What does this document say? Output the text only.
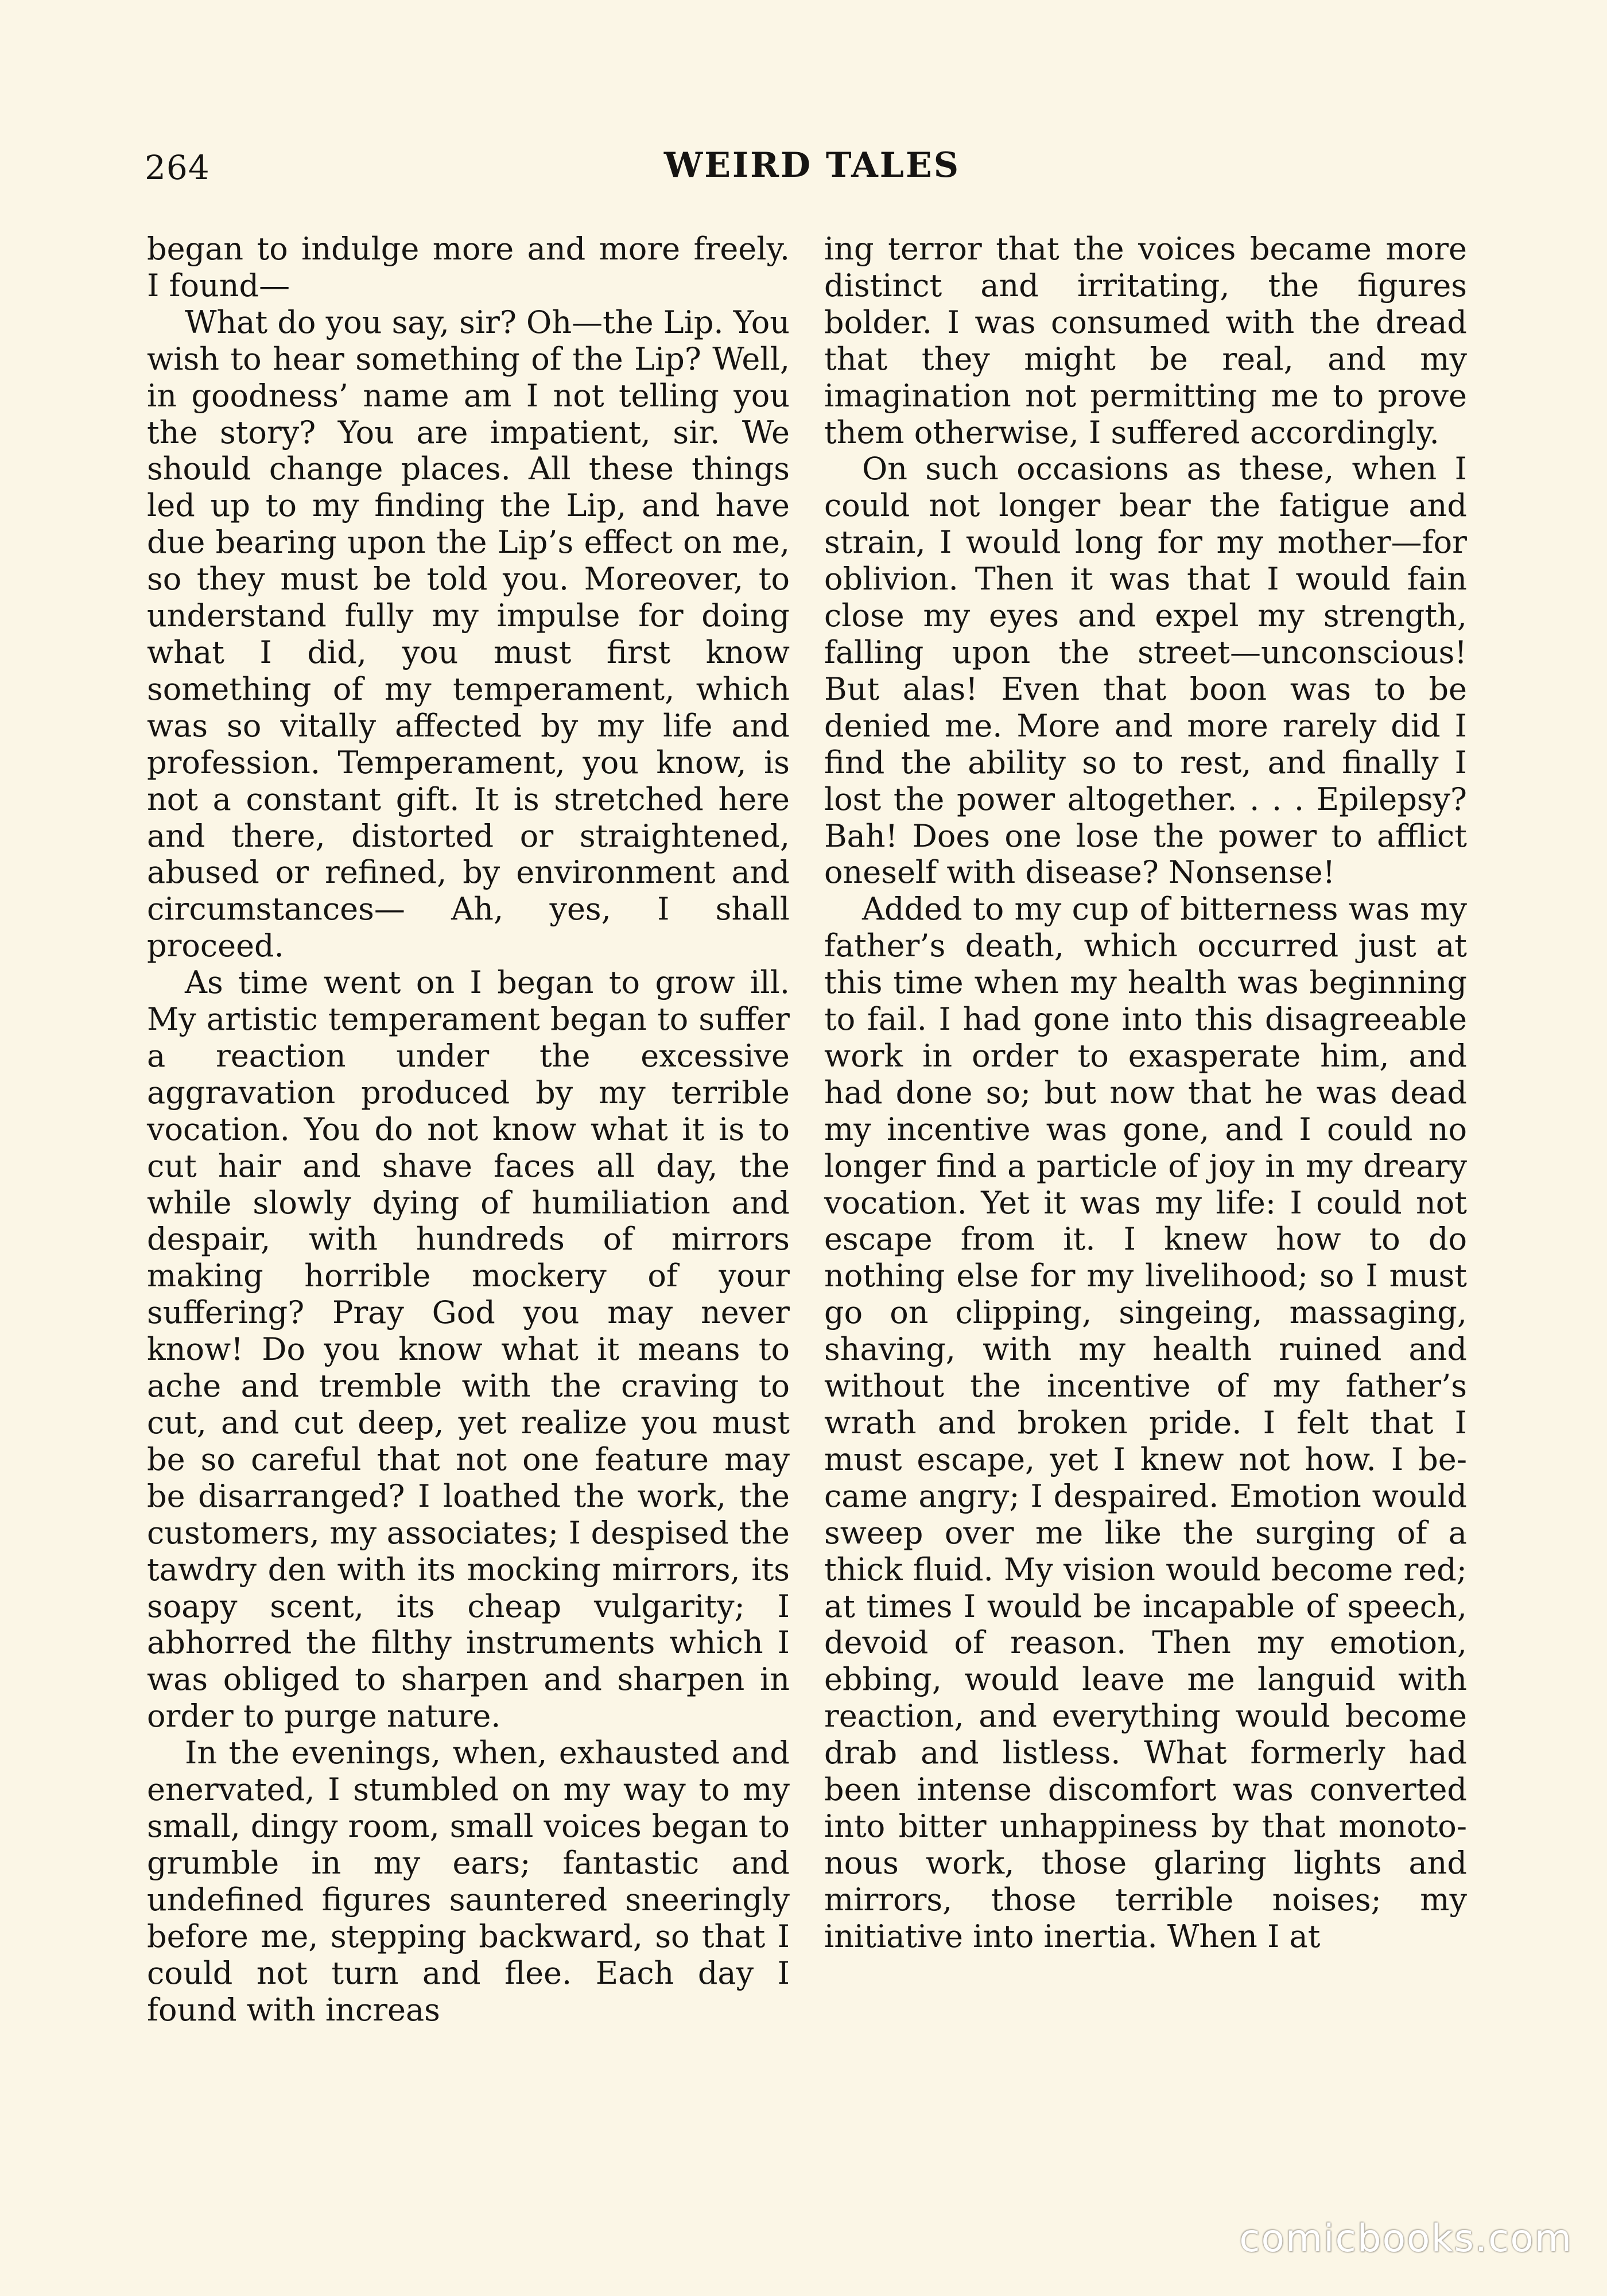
264	WEIRD TALES

began to indulge more and more freely. I found—

What do you say, sir? Oh—the Lip. You wish to hear something of the Lip? Well, in goodness’ name am I not telling you the story? You are impatient, sir. We should change places. All these things led up to my finding the Lip, and have due bearing upon the Lip’s effect on me, so they must be told you. Moreover, to understand fully my impulse for doing what I did, you must first know something of my temperament, which was so vitally affected by my life and profession. Temperament, you know, is not a constant gift. It is stretched here and there, distorted or straightened, abused or refined, by environment and circumstances— Ah, yes, I shall proceed.

As time went on I began to grow ill. My artistic temperament began to suffer a reaction under the excessive aggravation produced by my terrible vocation. You do not know what it is to cut hair and shave faces all day, the while slowly dying of humiliation and despair, with hundreds of mirrors making horrible mockery of your suffering? Pray God you may never know! Do you know what it means to ache and tremble with the craving to cut, and cut deep, yet realize you must be so careful that not one feature may be disarranged? I loathed the work, the customers, my associates; I despised the tawdry den with its mocking mirrors, its soapy scent, its cheap vulgarity; I abhorred the filthy instruments which I was obliged to sharpen and sharpen in order to purge nature.

In the evenings, when, exhausted and enervated, I stumbled on my way to my small, dingy room, small voices began to grumble in my ears; fantastic and undefined figures sauntered sneeringly before me, stepping backward, so that I could not turn and flee. Each day I found with increas

ing terror that the voices became more distinct and irritating, the figures bolder. I was consumed with the dread that they might be real, and my imagination not permitting me to prove them otherwise, I suffered accordingly.

On such occasions as these, when I could not longer bear the fatigue and strain, I would long for my mother—for oblivion. Then it was that I would fain close my eyes and expel my strength, falling upon the street—unconscious! But alas! Even that boon was to be denied me. More and more rarely did I find the ability so to rest, and finally I lost the power altogether. . . . Epilepsy? Bah! Does one lose the power to afflict oneself with disease? Nonsense!

Added to my cup of bitterness was my father’s death, which occurred just at this time when my health was beginning to fail. I had gone into this disagreeable work in order to exasperate him, and had done so; but now that he was dead my incentive was gone, and I could no longer find a particle of joy in my dreary vocation. Yet it was my life: I could not escape from it. I knew how to do nothing else for my livelihood; so I must go on clipping, singeing, massaging, shaving, with my health ruined and without the incentive of my father’s wrath and broken pride. I felt that I must escape, yet I knew not how. I became angry; I despaired. Emotion would sweep over me like the surging of a thick fluid. My vision would become red; at times I would be incapable of speech, devoid of reason. Then my emotion, ebbing, would leave me languid with reaction, and everything would become drab and listless. What formerly had been intense discomfort was converted into bitter unhappiness by that monotonous work, those glaring lights and mirrors, those terrible noises; my initiative into inertia. When I at

comicbooks.com
